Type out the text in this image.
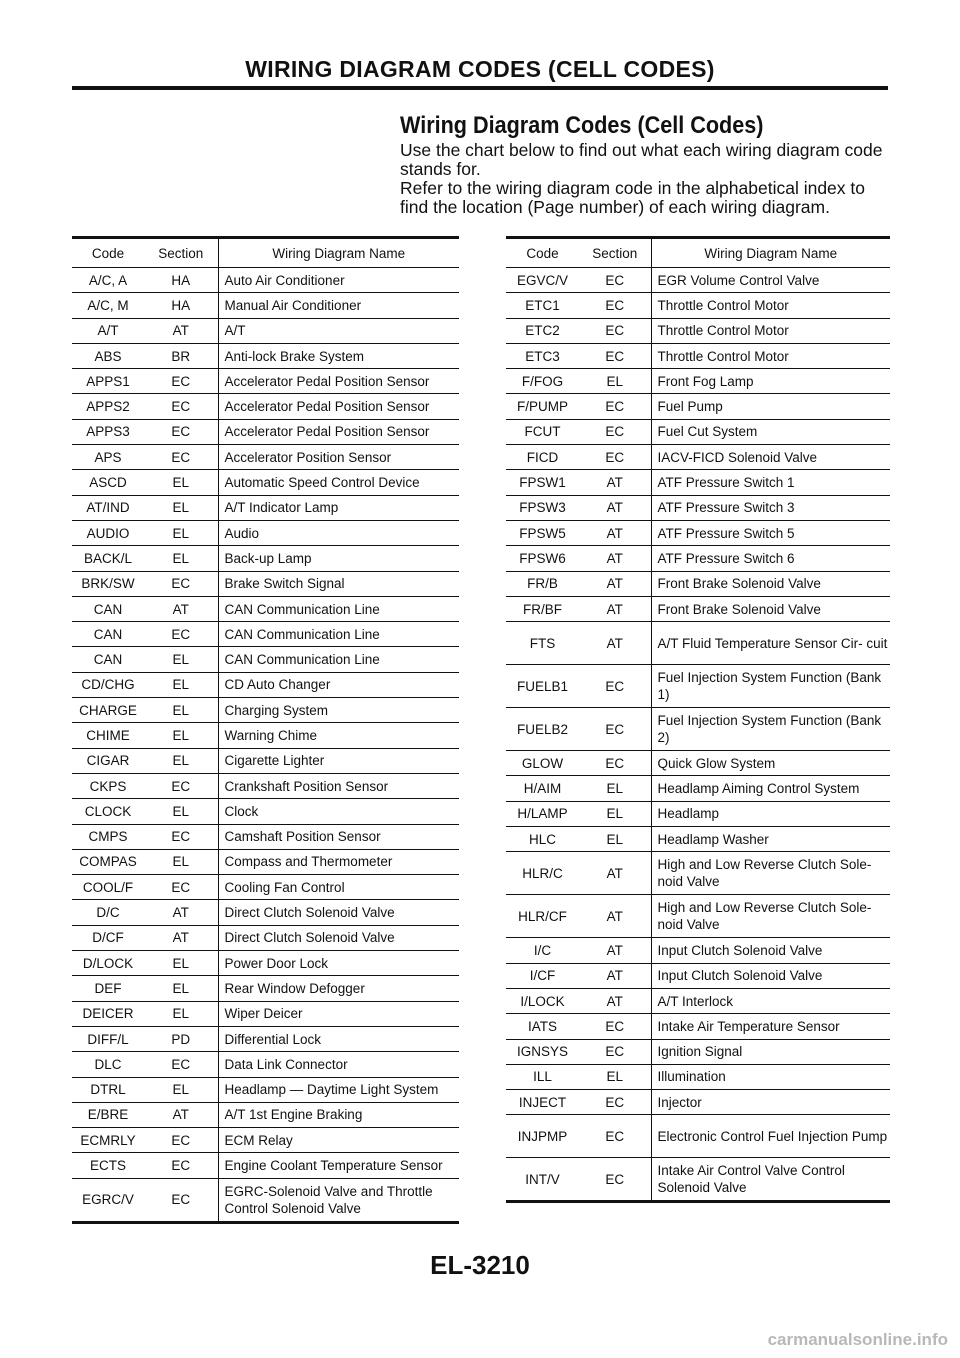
WIRING DIAGRAM CODES (CELL CODES)
Wiring Diagram Codes (Cell Codes)

Use the chart below to find out what each wiring diagram code stands for.

Refer to the wiring diagram code in the alphabetical index to find the location (Page number) of each wiring diagram.

Code	Section	Wiring Diagram Name
A/C, A	HA	Auto Air Conditioner
A/C, M	HA	Manual Air Conditioner
A/T	AT	A/T
ABS	BR	Anti-lock Brake System
APPS1	EC	Accelerator Pedal Position Sensor
APPS2	EC	Accelerator Pedal Position Sensor
APPS3	EC	Accelerator Pedal Position Sensor
APS	EC	Accelerator Position Sensor
ASCD	EL	Automatic Speed Control Device
AT/IND	EL	A/T Indicator Lamp
AUDIO	EL	Audio
BACK/L	EL	Back-up Lamp
BRK/SW	EC	Brake Switch Signal
CAN	AT	CAN Communication Line
CAN	EC	CAN Communication Line
CAN	EL	CAN Communication Line
CD/CHG	EL	CD Auto Changer
CHARGE	EL	Charging System
CHIME	EL	Warning Chime
CIGAR	EL	Cigarette Lighter
CKPS	EC	Crankshaft Position Sensor
CLOCK	EL	Clock
CMPS	EC	Camshaft Position Sensor
COMPAS	EL	Compass and Thermometer
COOL/F	EC	Cooling Fan Control
D/C	AT	Direct Clutch Solenoid Valve
D/CF	AT	Direct Clutch Solenoid Valve
D/LOCK	EL	Power Door Lock
DEF	EL	Rear Window Defogger
DEICER	EL	Wiper Deicer
DIFF/L	PD	Differential Lock
DLC	EC	Data Link Connector
DTRL	EL	Headlamp — Daytime Light System
E/BRE	AT	A/T 1st Engine Braking
ECMRLY	EC	ECM Relay
ECTS	EC	Engine Coolant Temperature Sensor
EGRC/V	EC	EGRC-Solenoid Valve and Throttle Control Solenoid Valve
Code	Section	Wiring Diagram Name
EGVC/V	EC	EGR Volume Control Valve
ETC1	EC	Throttle Control Motor
ETC2	EC	Throttle Control Motor
ETC3	EC	Throttle Control Motor
F/FOG	EL	Front Fog Lamp
F/PUMP	EC	Fuel Pump
FCUT	EC	Fuel Cut System
FICD	EC	IACV-FICD Solenoid Valve
FPSW1	AT	ATF Pressure Switch 1
FPSW3	AT	ATF Pressure Switch 3
FPSW5	AT	ATF Pressure Switch 5
FPSW6	AT	ATF Pressure Switch 6
FR/B	AT	Front Brake Solenoid Valve
FR/BF	AT	Front Brake Solenoid Valve
FTS	AT	A/T Fluid Temperature Sensor Cir- cuit
FUELB1	EC	Fuel Injection System Function (Bank 1)
FUELB2	EC	Fuel Injection System Function (Bank 2)
GLOW	EC	Quick Glow System
H/AIM	EL	Headlamp Aiming Control System
H/LAMP	EL	Headlamp
HLC	EL	Headlamp Washer
HLR/C	AT	High and Low Reverse Clutch Sole- noid Valve
HLR/CF	AT	High and Low Reverse Clutch Sole- noid Valve
I/C	AT	Input Clutch Solenoid Valve
I/CF	AT	Input Clutch Solenoid Valve
I/LOCK	AT	A/T Interlock
IATS	EC	Intake Air Temperature Sensor
IGNSYS	EC	Ignition Signal
ILL	EL	Illumination
INJECT	EC	Injector
INJPMP	EC	Electronic Control Fuel Injection Pump
INT/V	EC	Intake Air Control Valve Control Solenoid Valve
EL-3210
carmanualsonline.info
